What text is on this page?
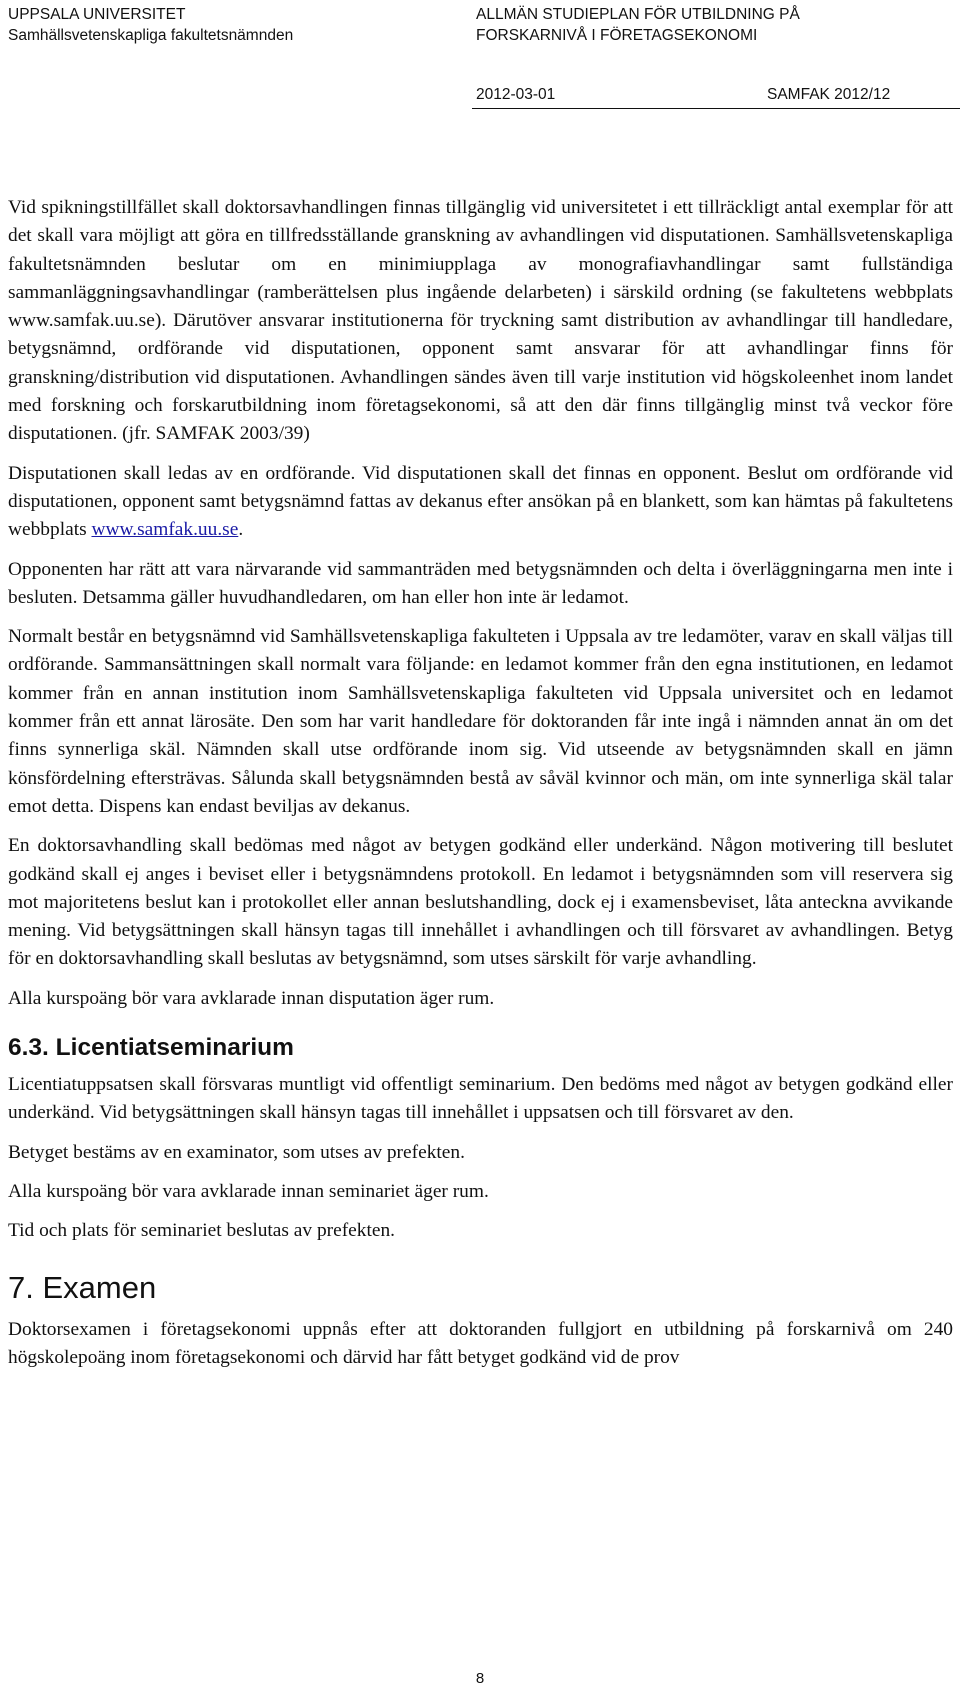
UPPSALA UNIVERSITET
Samhällsvetenskapliga fakultetsnämnden
ALLMÄN STUDIEPLAN FÖR UTBILDNING PÅ
FORSKARNIVÅ I FÖRETAGSEKONOMI
2012-03-01	SAMFAK 2012/12

Vid spikningstillfället skall doktorsavhandlingen finnas tillgänglig vid universitetet i ett tillräckligt antal exemplar för att det skall vara möjligt att göra en tillfredsställande granskning av avhandlingen vid disputationen. Samhällsvetenskapliga fakultetsnämnden beslutar om en minimiupplaga av monografiavhandlingar samt fullständiga sammanläggningsavhandlingar (ramberättelsen plus ingående delarbeten) i särskild ordning (se fakultetens webbplats www.samfak.uu.se). Därutöver ansvarar institutionerna för tryckning samt distribution av avhandlingar till handledare, betygsnämnd, ordförande vid disputationen, opponent samt ansvarar för att avhandlingar finns för granskning/distribution vid disputationen. Avhandlingen sändes även till varje institution vid högskoleenhet inom landet med forskning och forskarutbildning inom företagsekonomi, så att den där finns tillgänglig minst två veckor före disputationen. (jfr. SAMFAK 2003/39)

Disputationen skall ledas av en ordförande. Vid disputationen skall det finnas en opponent. Beslut om ordförande vid disputationen, opponent samt betygsnämnd fattas av dekanus efter ansökan på en blankett, som kan hämtas på fakultetens webbplats www.samfak.uu.se.

Opponenten har rätt att vara närvarande vid sammanträden med betygsnämnden och delta i överläggningarna men inte i besluten. Detsamma gäller huvudhandledaren, om han eller hon inte är ledamot.

Normalt består en betygsnämnd vid Samhällsvetenskapliga fakulteten i Uppsala av tre ledamöter, varav en skall väljas till ordförande. Sammansättningen skall normalt vara följande: en ledamot kommer från den egna institutionen, en ledamot kommer från en annan institution inom Samhällsvetenskapliga fakulteten vid Uppsala universitet och en ledamot kommer från ett annat lärosäte. Den som har varit handledare för doktoranden får inte ingå i nämnden annat än om det finns synnerliga skäl. Nämnden skall utse ordförande inom sig. Vid utseende av betygsnämnden skall en jämn könsfördelning eftersträvas. Sålunda skall betygsnämnden bestå av såväl kvinnor och män, om inte synnerliga skäl talar emot detta. Dispens kan endast beviljas av dekanus.

En doktorsavhandling skall bedömas med något av betygen godkänd eller underkänd. Någon motivering till beslutet godkänd skall ej anges i beviset eller i betygsnämndens protokoll. En ledamot i betygsnämnden som vill reservera sig mot majoritetens beslut kan i protokollet eller annan beslutshandling, dock ej i examensbeviset, låta anteckna avvikande mening. Vid betygsättningen skall hänsyn tagas till innehållet i avhandlingen och till försvaret av avhandlingen. Betyg för en doktorsavhandling skall beslutas av betygsnämnd, som utses särskilt för varje avhandling.

Alla kurspoäng bör vara avklarade innan disputation äger rum.

6.3. Licentiatseminarium

Licentiatuppsatsen skall försvaras muntligt vid offentligt seminarium. Den bedöms med något av betygen godkänd eller underkänd. Vid betygsättningen skall hänsyn tagas till innehållet i uppsatsen och till försvaret av den.

Betyget bestäms av en examinator, som utses av prefekten.

Alla kurspoäng bör vara avklarade innan seminariet äger rum.

Tid och plats för seminariet beslutas av prefekten.

7. Examen

Doktorsexamen i företagsekonomi uppnås efter att doktoranden fullgjort en utbildning på forskarnivå om 240 högskolepoäng inom företagsekonomi och därvid har fått betyget godkänd vid de prov

8
